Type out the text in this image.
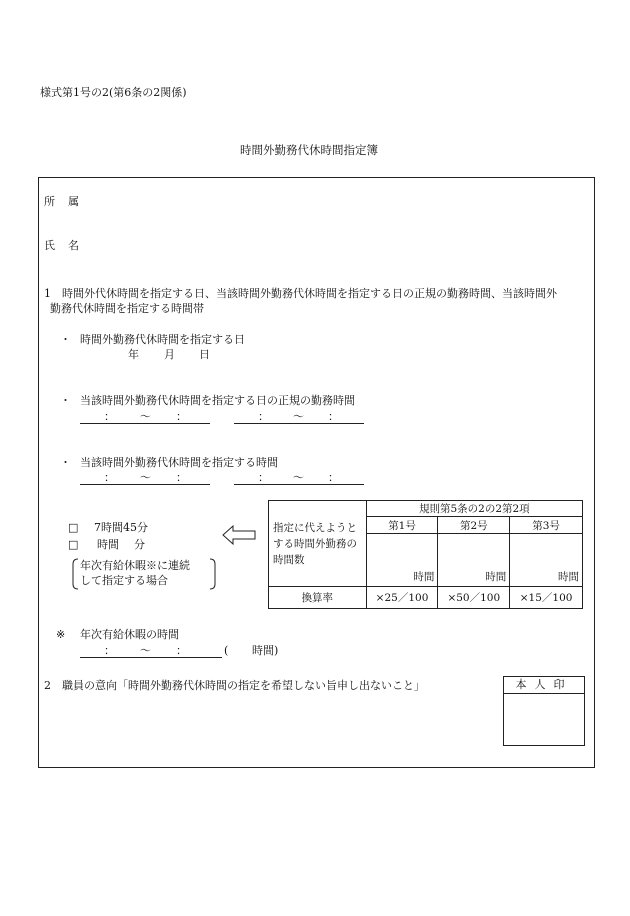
様式第1号の2(第6条の2関係)
時間外勤務代休時間指定簿
所　属
氏　名
1 時間外代休時間を指定する日、当該時間外勤務代休時間を指定する日の正規の勤務時間、当該時間外
勤務代休時間を指定する時間帯
・ 時間外勤務代休時間を指定する日
年 月 日
・ 当該時間外勤務代休時間を指定する日の正規の勤務時間
： ～ ：	： ～ ：
・ 当該時間外勤務代休時間を指定する時間
： ～ ：	： ～ ：
□ 7時間45分
□ 時間 分
年次有給休暇※に連続
して指定する場合
指定に代えようとする時間外勤務の時間数	規則第5条の2の2第2項		
	第1号	第2号	第3号
	時間	時間	時間
換算率	×25／100	×50／100	×15／100
※ 年次有給休暇の時間
： ～ ：	( 時間)
2 職員の意向「時間外勤務代休時間の指定を希望しない旨申し出ないこと」	本人印
